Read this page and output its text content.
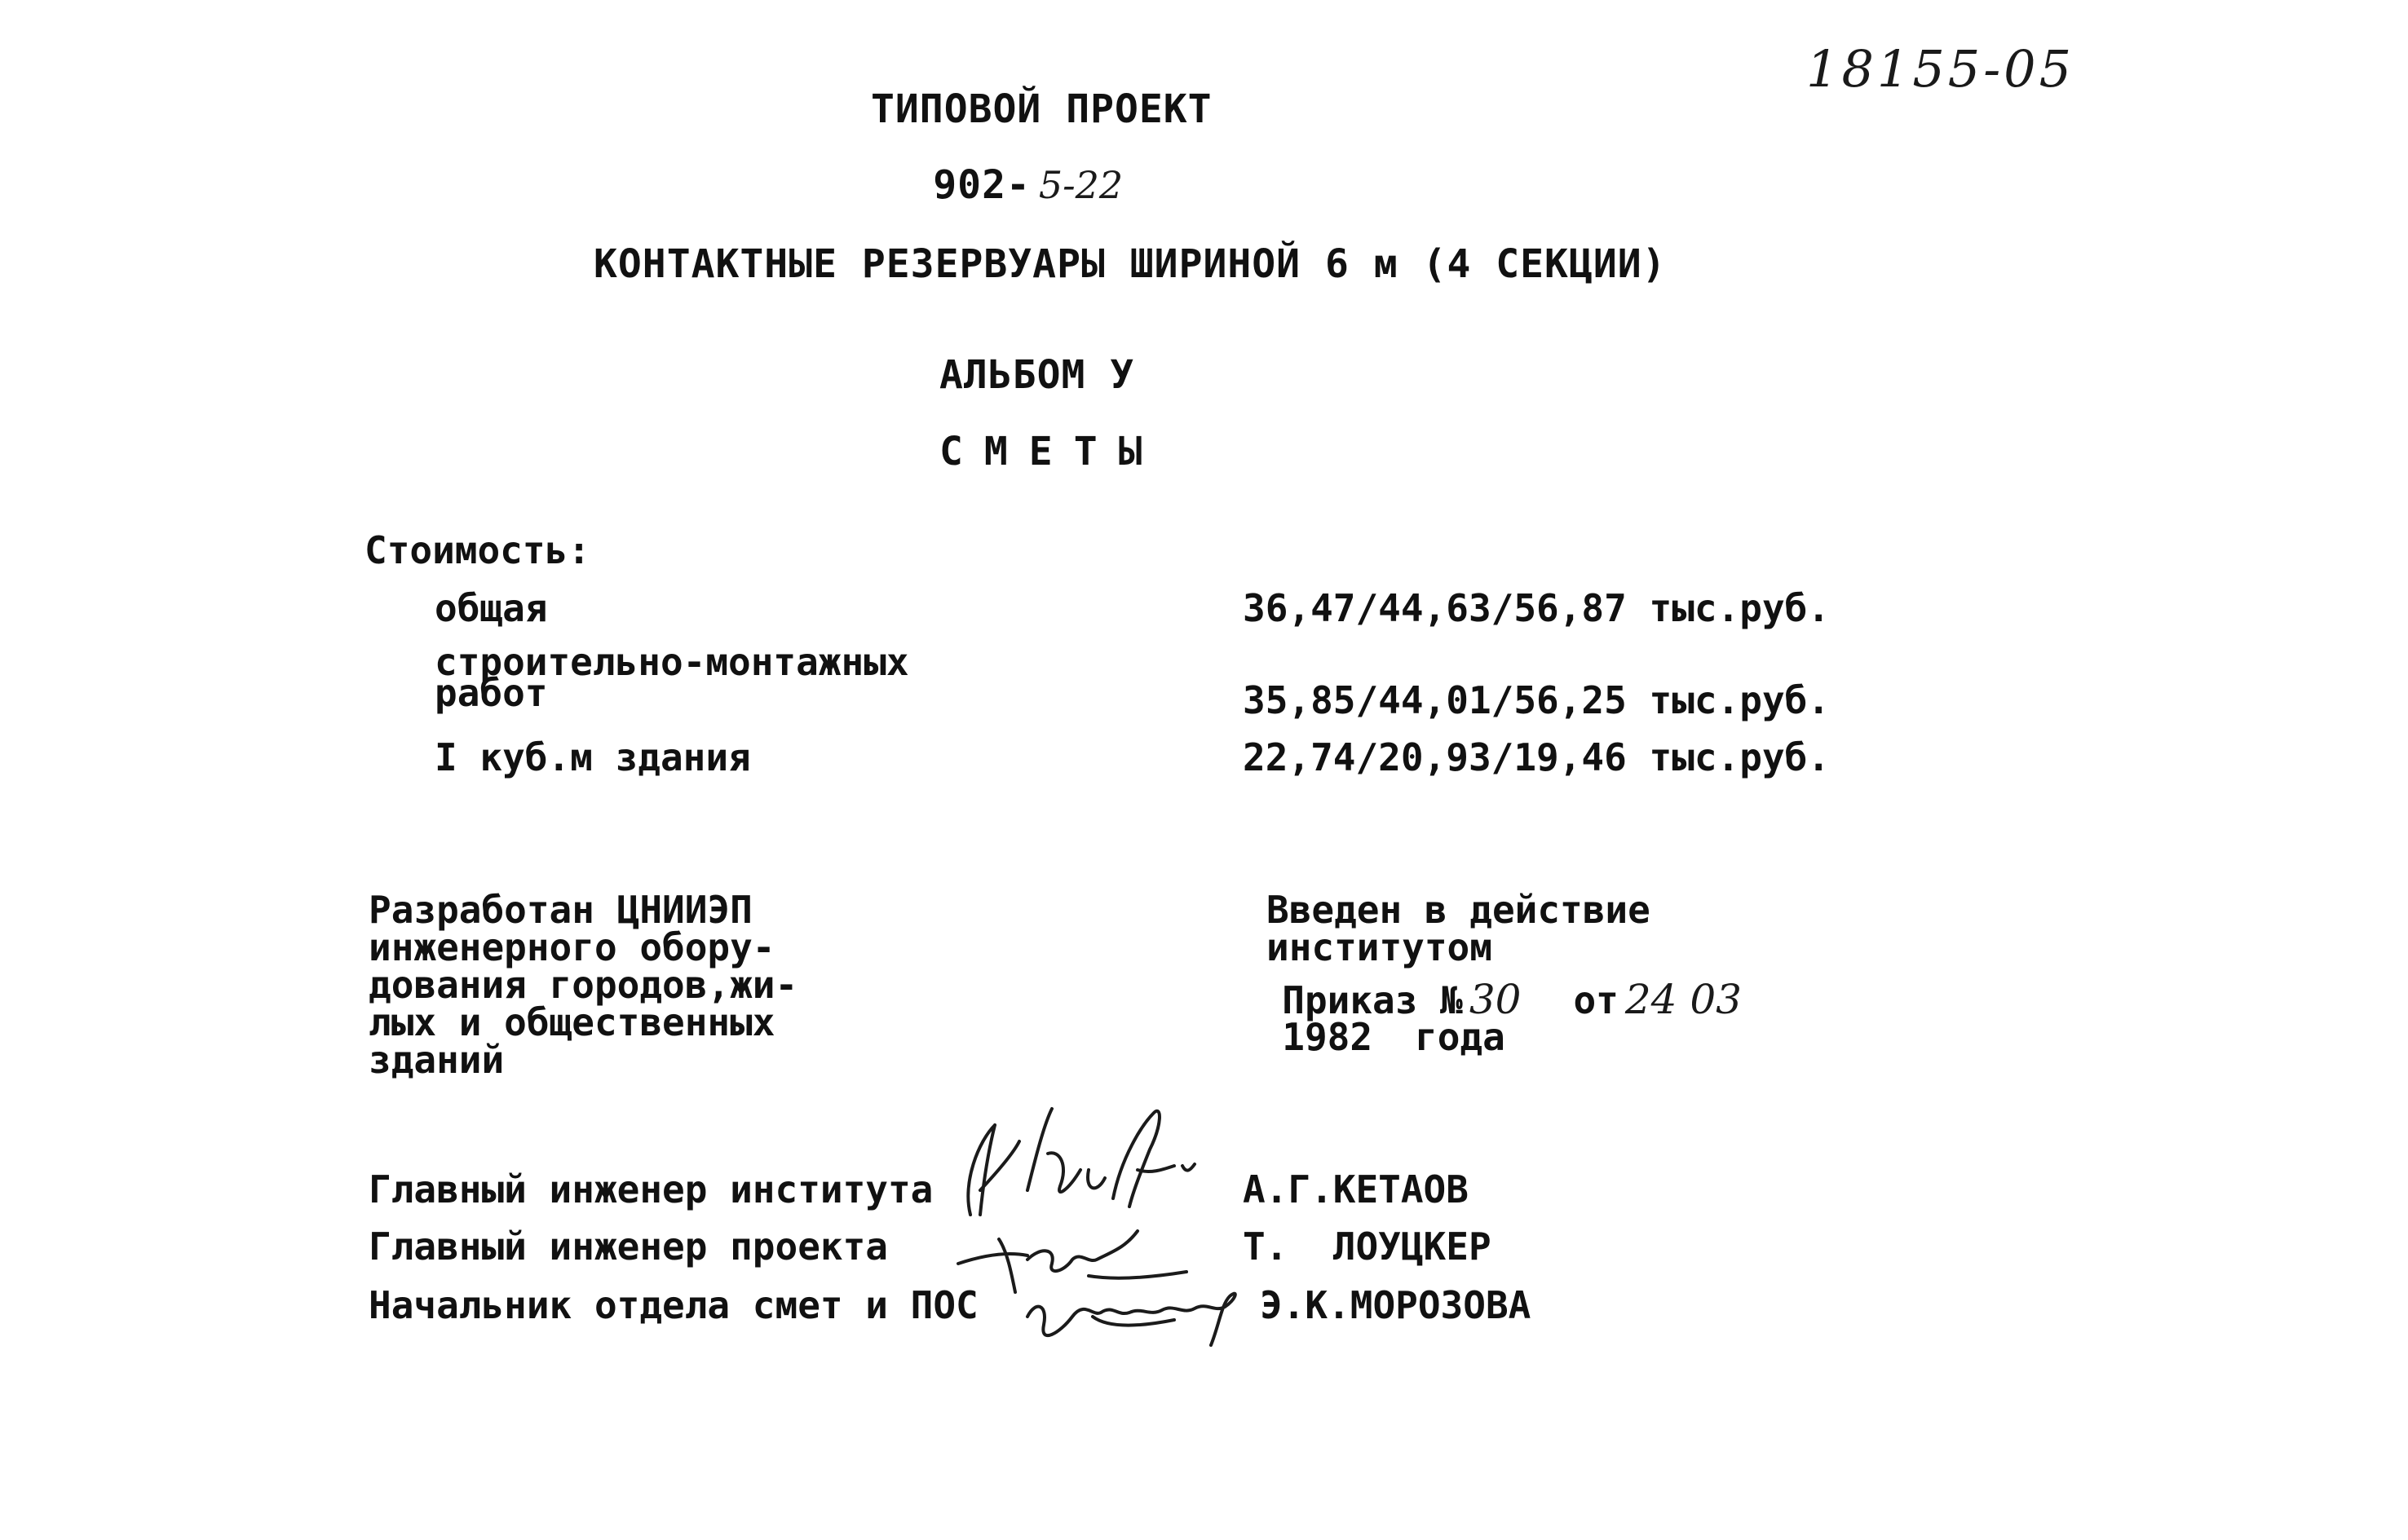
18155-05
ТИПОВОЙ ПРОЕКТ

902- 5-22

КОНТАКТНЫЕ РЕЗЕРВУАРЫ ШИРИНОЙ 6 м (4 СЕКЦИИ)
АЛЬБОМ У
СМЕТЫ
Стоимость:
общая	36,47/44,63/56,87 тыс.руб.
строительно-монтажных
работ	35,85/44,01/56,25 тыс.руб.
I куб.м здания	22,74/20,93/19,46 тыс.руб.
Разработан ЦНИИЭП
инженерного обору-
дования городов,жи-
лых и общественных
зданий
Введен в действие
институтом

Приказ № 30 от 24 03

1982 года

Главный инженер института	А.Г.КЕТАОВ
Главный инженер проекта	Т.  ЛОУЦКЕР
Начальник отдела смет и ПОС	Э.К.МОРОЗОВА
